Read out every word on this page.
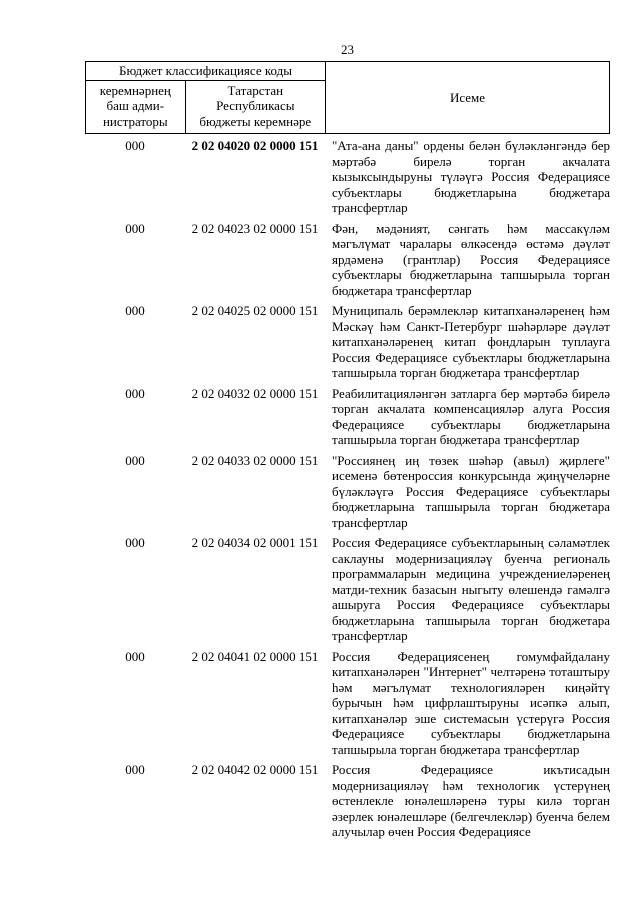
23
Бюджет классификациясе коды
керемнәрнең баш адми-нистраторы
Татарстан Республикасы бюджеты керемнәре
Исеме
000	2 02 04020 02 0000 151	"Ата-ана даны" ордены белән бүләкләнгәндә бер мәртәбә бирелә торган акчалата кызыксындыруны түләүгә Россия Федерациясе субъектлары бюджетларына бюджетара трансфертлар
000	2 02 04023 02 0000 151	Фән, мәдәният, сәнгать һәм массакүләм мәгълүмат чаралары өлкәсендә өстәмә дәүләт ярдәменә (грантлар) Россия Федерациясе субъектлары бюджетларына тапшырыла торган бюджетара трансфертлар
000	2 02 04025 02 0000 151	Муниципаль берәмлекләр китапханәләренең һәм Мәскәү һәм Санкт-Петербург шәһәрләре дәүләт китапханәләренең китап фондларын туплауга Россия Федерациясе субъектлары бюджетларына тапшырыла торган бюджетара трансфертлар
000	2 02 04032 02 0000 151	Реабилитацияләнгән затларга бер мәртәбә бирелә торган акчалата компенсацияләр алуга Россия Федерациясе субъектлары бюджетларына тапшырыла торган бюджетара трансфертлар
000	2 02 04033 02 0000 151	"Россиянең иң төзек шәһәр (авыл) җирлеге" исеменә бөтенроссия конкурсында җиңүчеләрне бүләкләүгә Россия Федерациясе субъектлары бюджетларына тапшырыла торган бюджетара трансфертлар
000	2 02 04034 02 0001 151	Россия Федерациясе субъектларының сәламәтлек саклауны модернизацияләү буенча региональ программаларын медицина учреждениеләренең матди-техник базасын ныгыту өлешендә гамәлгә ашыруга Россия Федерациясе субъектлары бюджетларына тапшырыла торган бюджетара трансфертлар
000	2 02 04041 02 0000 151	Россия Федерациясенең гомумфайдалану китапханәләрен "Интернет" челтәренә тоташтыру һәм мәгълүмат технологияләрен киңәйтү бурычын һәм цифрлаштыруны исәпкә алып, китапханәләр эше системасын үстерүгә Россия Федерациясе субъектлары бюджетларына тапшырыла торган бюджетара трансфертлар
000	2 02 04042 02 0000 151	Россия Федерациясе икътисадын модернизацияләү һәм технологик үстерүнең өстенлекле юнәлешләренә туры килә торган әзерлек юнәлешләре (белгечлекләр) буенча белем алучылар өчен Россия Федерациясе
